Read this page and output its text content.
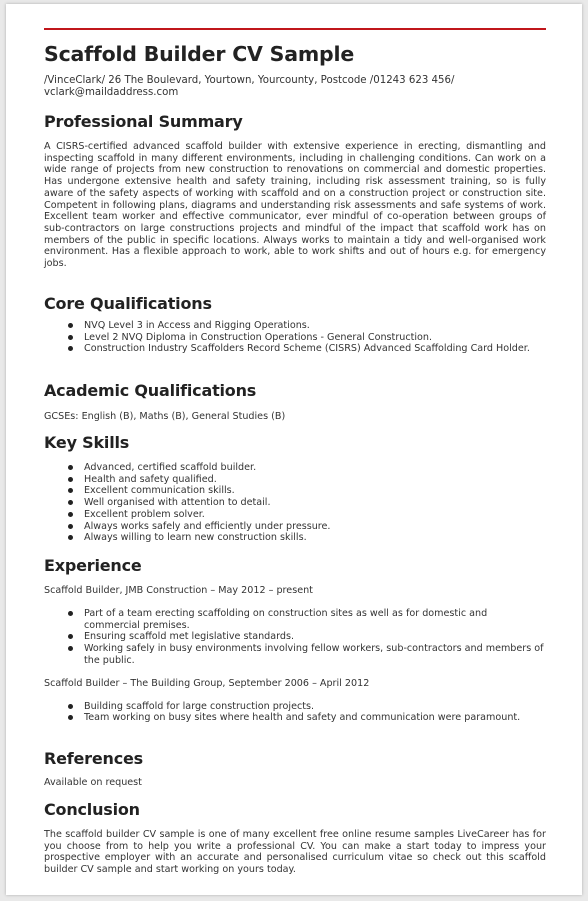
Scaffold Builder CV Sample
/VinceClark/ 26 The Boulevard, Yourtown, Yourcounty, Postcode /01243 623 456/ vclark@maildaddress.com
Professional Summary

A CISRS-certified advanced scaffold builder with extensive experience in erecting, dismantling and inspecting scaffold in many different environments, including in challenging conditions. Can work on a wide range of projects from new construction to renovations on commercial and domestic properties. Has undergone extensive health and safety training, including risk assessment training, so is fully aware of the safety aspects of working with scaffold and on a construction project or construction site. Competent in following plans, diagrams and understanding risk assessments and safe systems of work. Excellent team worker and effective communicator, ever mindful of co-operation between groups of sub-contractors on large constructions projects and mindful of the impact that scaffold work has on members of the public in specific locations. Always works to maintain a tidy and well-organised work environment. Has a flexible approach to work, able to work shifts and out of hours e.g. for emergency jobs.

Core Qualifications
NVQ Level 3 in Access and Rigging Operations.
Level 2 NVQ Diploma in Construction Operations - General Construction.
Construction Industry Scaffolders Record Scheme (CISRS) Advanced Scaffolding Card Holder.
Academic Qualifications
GCSEs: English (B), Maths (B), General Studies (B)
Key Skills
Advanced, certified scaffold builder.
Health and safety qualified.
Excellent communication skills.
Well organised with attention to detail.
Excellent problem solver.
Always works safely and efficiently under pressure.
Always willing to learn new construction skills.
Experience
Scaffold Builder, JMB Construction – May 2012 – present
Part of a team erecting scaffolding on construction sites as well as for domestic and commercial premises.
Ensuring scaffold met legislative standards.
Working safely in busy environments involving fellow workers, sub-contractors and members of the public.
Scaffold Builder – The Building Group, September 2006 – April 2012
Building scaffold for large construction projects.
Team working on busy sites where health and safety and communication were paramount.
References
Available on request
Conclusion

The scaffold builder CV sample is one of many excellent free online resume samples LiveCareer has for you choose from to help you write a professional CV. You can make a start today to impress your prospective employer with an accurate and personalised curriculum vitae so check out this scaffold builder CV sample and start working on yours today.
